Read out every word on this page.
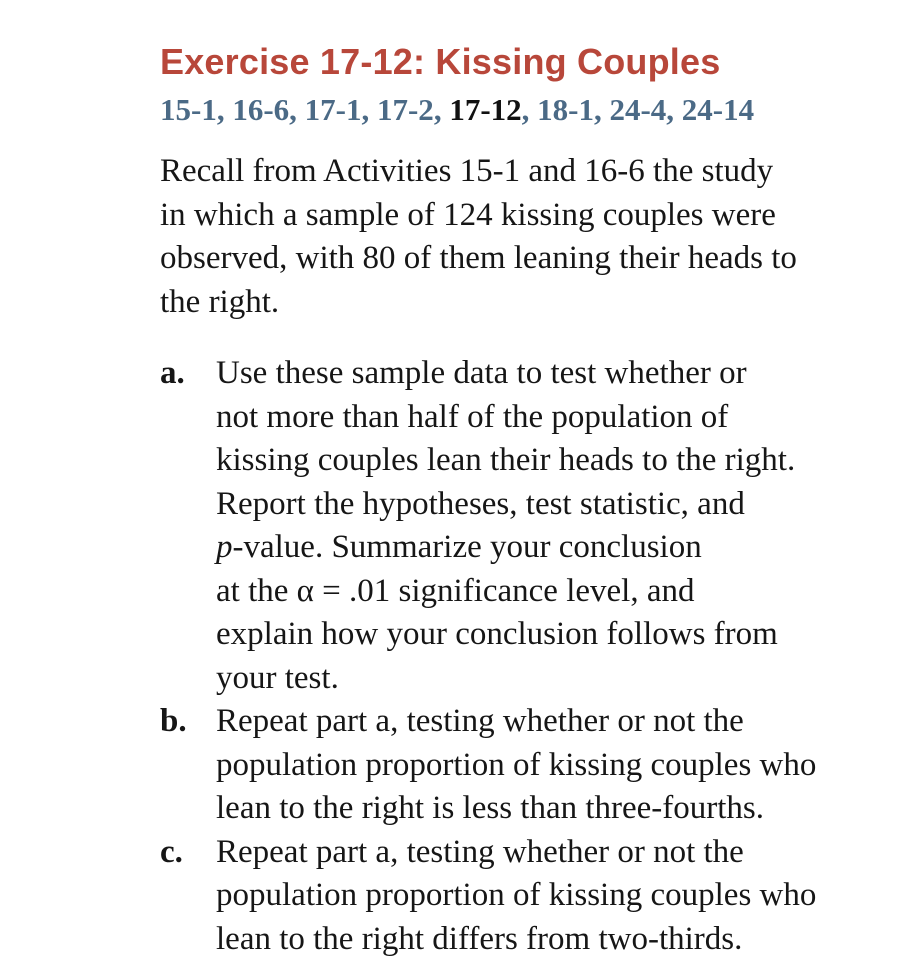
Exercise 17-12: Kissing Couples
15-1, 16-6, 17-1, 17-2, 17-12, 18-1, 24-4, 24-14

Recall from Activities 15-1 and 16-6 the study
in which a sample of 124 kissing couples were
observed, with 80 of them leaning their heads to
the right.

a. Use these sample data to test whether or
not more than half of the population of
kissing couples lean their heads to the right.
Report the hypotheses, test statistic, and
p-value. Summarize your conclusion
at the α = .01 significance level, and
explain how your conclusion follows from
your test.
b. Repeat part a, testing whether or not the
population proportion of kissing couples who
lean to the right is less than three-fourths.
c. Repeat part a, testing whether or not the
population proportion of kissing couples who
lean to the right differs from two-thirds.
